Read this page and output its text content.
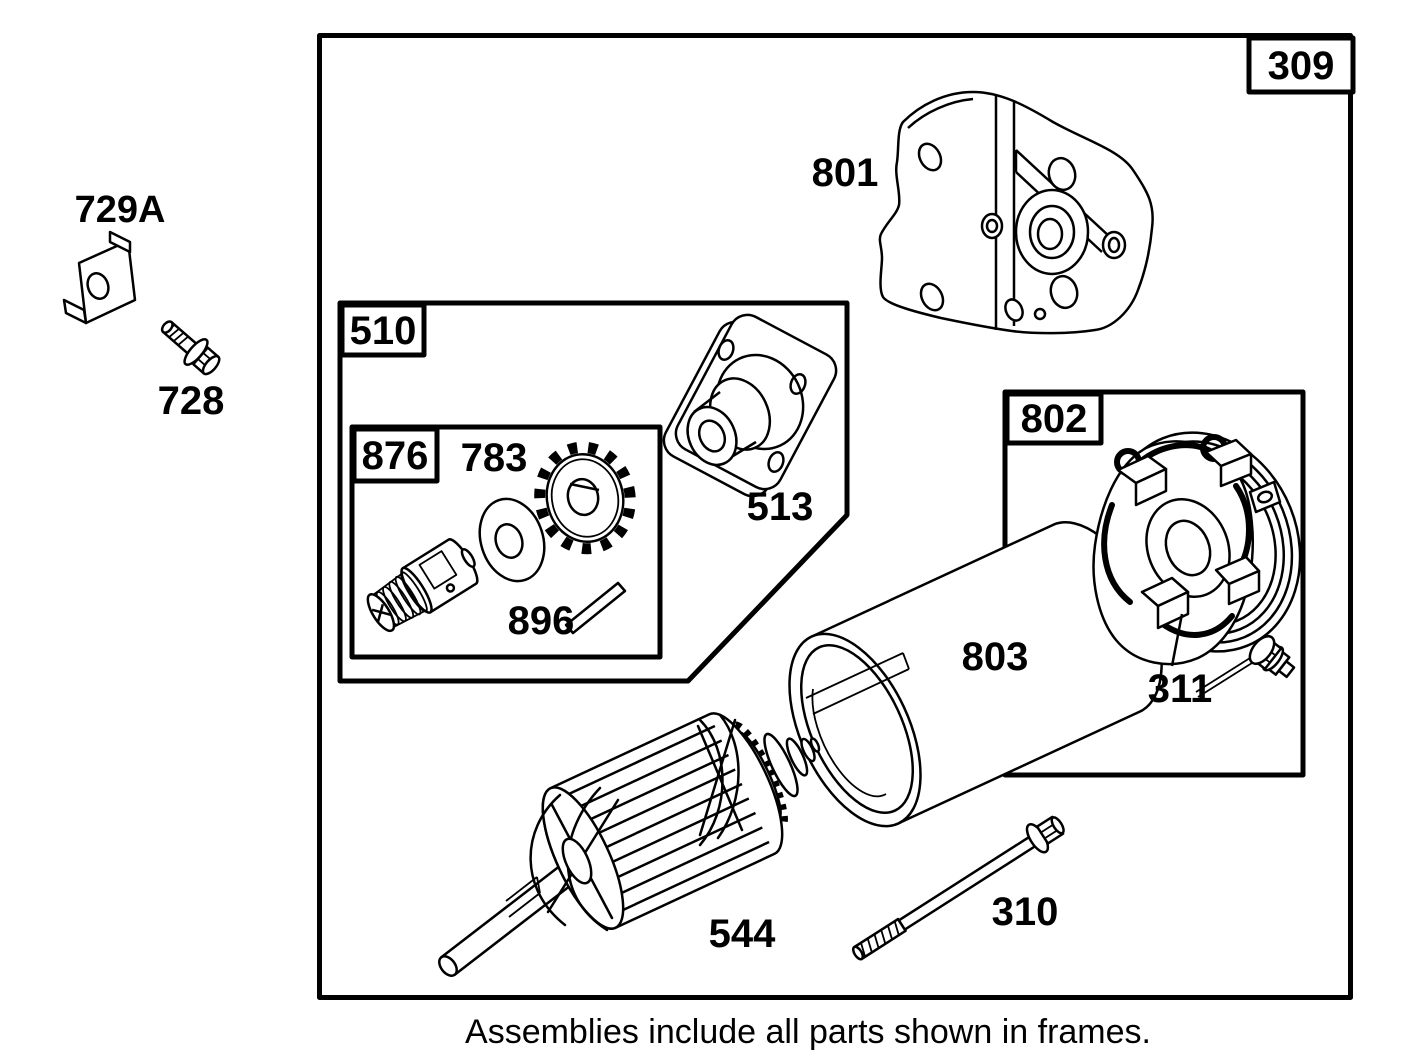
309
801
510
876 783
513
896
802
803
311
544	310
728
729A
Assemblies include all parts shown in frames.
